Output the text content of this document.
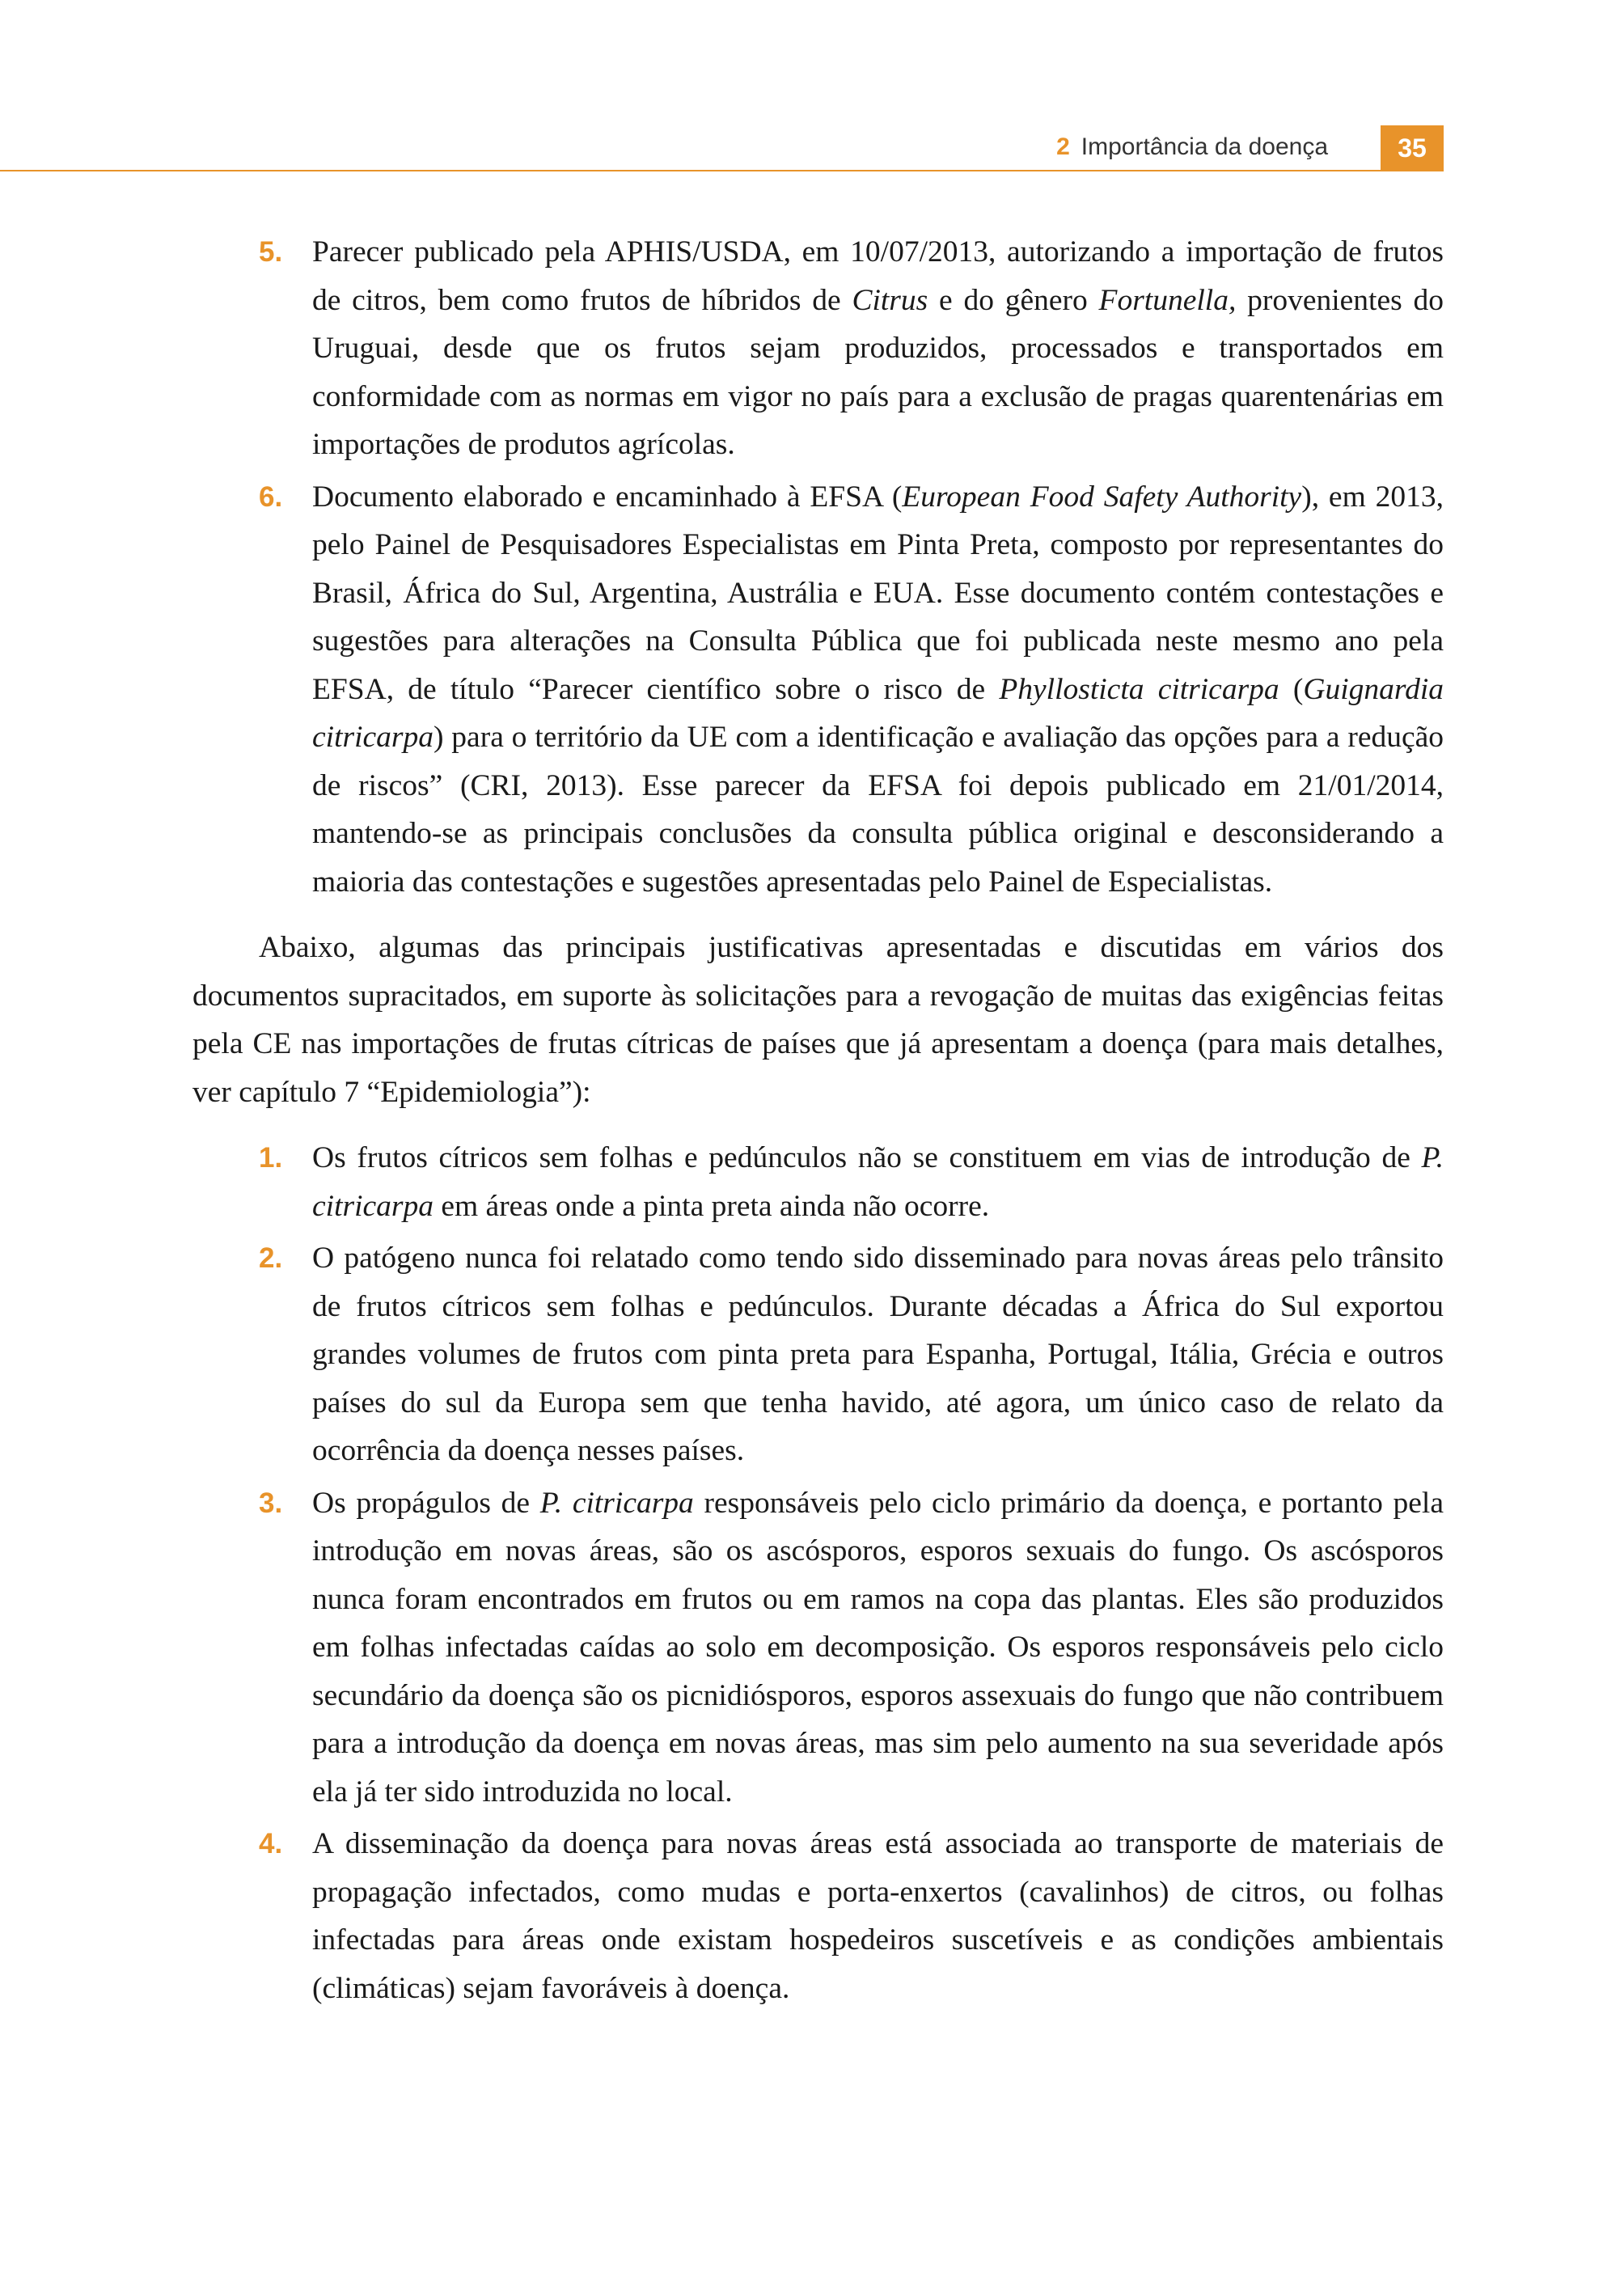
2 Importância da doença	35
5. Parecer publicado pela APHIS/USDA, em 10/07/2013, autorizando a importação de frutos de citros, bem como frutos de híbridos de Citrus e do gênero Fortunella, provenientes do Uruguai, desde que os frutos sejam produzidos, processados e transportados em conformidade com as normas em vigor no país para a exclusão de pragas quarentenárias em importações de produtos agrícolas.
6. Documento elaborado e encaminhado à EFSA (European Food Safety Authority), em 2013, pelo Painel de Pesquisadores Especialistas em Pinta Preta, composto por representantes do Brasil, África do Sul, Argentina, Austrália e EUA. Esse documento contém contestações e sugestões para alterações na Consulta Pública que foi publicada neste mesmo ano pela EFSA, de título “Parecer científico sobre o risco de Phyllosticta citricarpa (Guignardia citricarpa) para o território da UE com a identificação e avaliação das opções para a redução de riscos” (CRI, 2013). Esse parecer da EFSA foi depois publicado em 21/01/2014, mantendo-se as principais conclusões da consulta pública original e desconsiderando a maioria das contestações e sugestões apresentadas pelo Painel de Especialistas.

Abaixo, algumas das principais justificativas apresentadas e discutidas em vários dos documentos supracitados, em suporte às solicitações para a revogação de muitas das exigências feitas pela CE nas importações de frutas cítricas de países que já apresentam a doença (para mais detalhes, ver capítulo 7 “Epidemiologia”):

1. Os frutos cítricos sem folhas e pedúnculos não se constituem em vias de introdução de P. citricarpa em áreas onde a pinta preta ainda não ocorre.
2. O patógeno nunca foi relatado como tendo sido disseminado para novas áreas pelo trânsito de frutos cítricos sem folhas e pedúnculos. Durante décadas a África do Sul exportou grandes volumes de frutos com pinta preta para Espanha, Portugal, Itália, Grécia e outros países do sul da Europa sem que tenha havido, até agora, um único caso de relato da ocorrência da doença nesses países.
3. Os propágulos de P. citricarpa responsáveis pelo ciclo primário da doença, e portanto pela introdução em novas áreas, são os ascósporos, esporos sexuais do fungo. Os ascósporos nunca foram encontrados em frutos ou em ramos na copa das plantas. Eles são produzidos em folhas infectadas caídas ao solo em decomposição. Os esporos responsáveis pelo ciclo secundário da doença são os picnidiósporos, esporos assexuais do fungo que não contribuem para a introdução da doença em novas áreas, mas sim pelo aumento na sua severidade após ela já ter sido introduzida no local.
4. A disseminação da doença para novas áreas está associada ao transporte de materiais de propagação infectados, como mudas e porta-enxertos (cavalinhos) de citros, ou folhas infectadas para áreas onde existam hospedeiros suscetíveis e as condições ambientais (climáticas) sejam favoráveis à doença.
